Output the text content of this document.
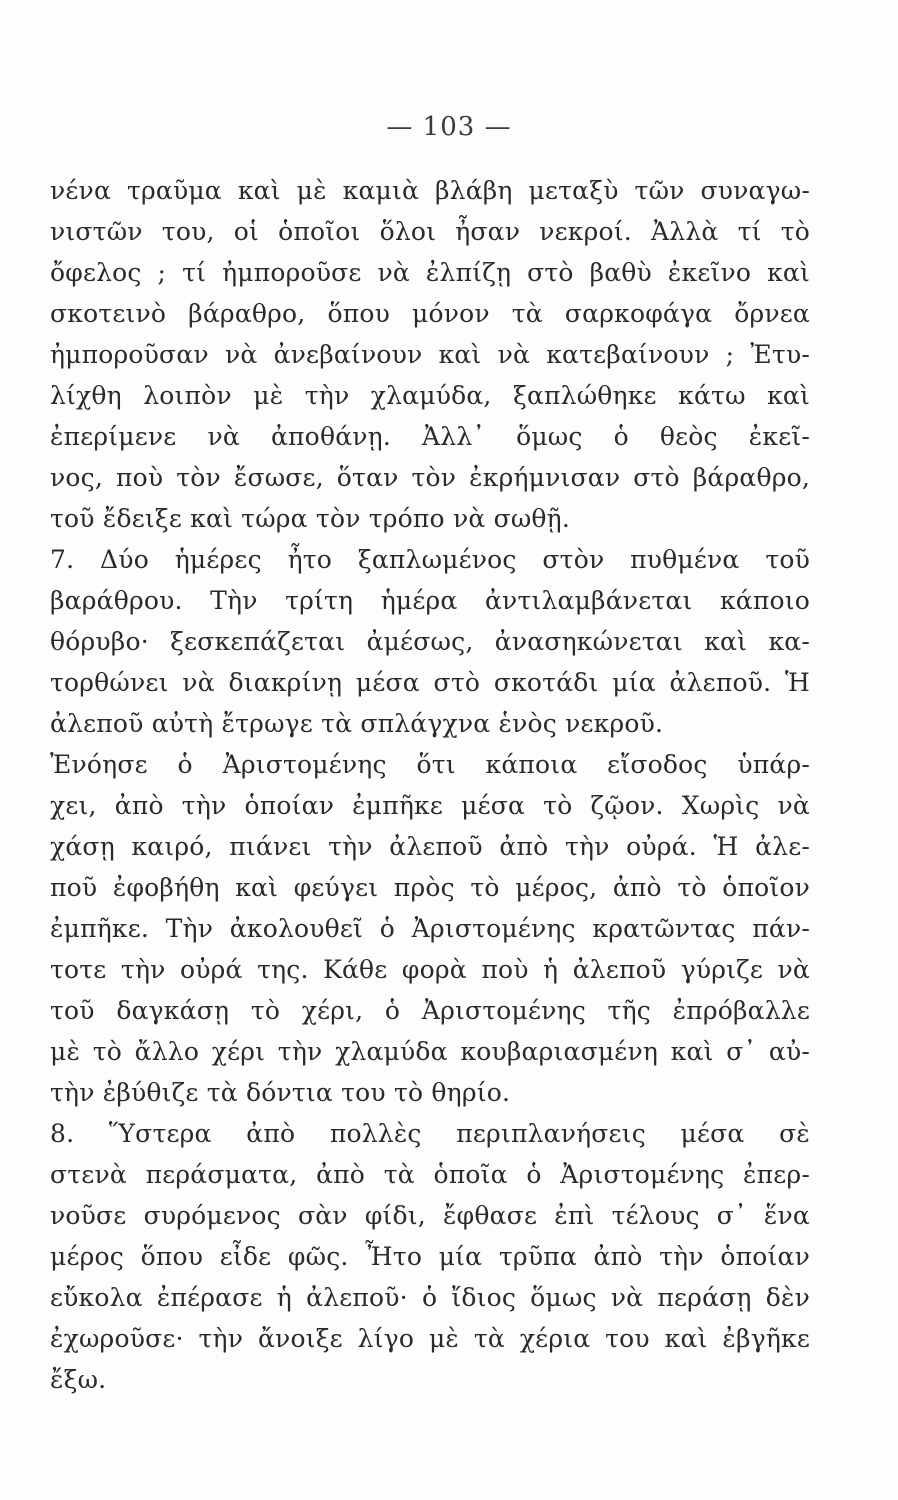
— 103 —
νένα τραῦμα καὶ μὲ καμιὰ βλάβη μεταξὺ τῶν συναγω-
νιστῶν του, οἱ ὁποῖοι ὅλοι ἦσαν νεκροί. Ἀλλὰ τί τὸ
ὄφελος ; τί ἠμποροῦσε νὰ ἐλπίζῃ στὸ βαθὺ ἐκεῖνο καὶ
σκοτεινὸ βάραθρο, ὅπου μόνον τὰ σαρκοφάγα ὄρνεα
ἠμποροῦσαν νὰ ἀνεβαίνουν καὶ νὰ κατεβαίνουν ; Ἐτυ-
λίχθη λοιπὸν μὲ τὴν χλαμύδα, ξαπλώθηκε κάτω καὶ
ἐπερίμενε νὰ ἀποθάνῃ. Ἀλλ᾽ ὅμως ὁ θεὸς ἐκεῖ-
νος, ποὺ τὸν ἔσωσε, ὅταν τὸν ἐκρήμνισαν στὸ βάραθρο,
τοῦ ἔδειξε καὶ τώρα τὸν τρόπο νὰ σωθῇ.
7. Δύο ἡμέρες ἦτο ξαπλωμένος στὸν πυθμένα τοῦ
βαράθρου. Τὴν τρίτη ἡμέρα ἀντιλαμβάνεται κάποιο
θόρυβο· ξεσκεπάζεται ἀμέσως, ἀνασηκώνεται καὶ κα-
τορθώνει νὰ διακρίνῃ μέσα στὸ σκοτάδι μία ἀλεποῦ. Ἡ
ἀλεποῦ αὐτὴ ἔτρωγε τὰ σπλάγχνα ἑνὸς νεκροῦ.
Ἐνόησε ὁ Ἀριστομένης ὅτι κάποια εἴσοδος ὑπάρ-
χει, ἀπὸ τὴν ὁποίαν ἐμπῆκε μέσα τὸ ζῷον. Χωρὶς νὰ
χάσῃ καιρό, πιάνει τὴν ἀλεποῦ ἀπὸ τὴν οὐρά. Ἡ ἀλε-
ποῦ ἐφοβήθη καὶ φεύγει πρὸς τὸ μέρος, ἀπὸ τὸ ὁποῖον
ἐμπῆκε. Τὴν ἀκολουθεῖ ὁ Ἀριστομένης κρατῶντας πάν-
τοτε τὴν οὐρά της. Κάθε φορὰ ποὺ ἡ ἀλεποῦ γύριζε νὰ
τοῦ δαγκάσῃ τὸ χέρι, ὁ Ἀριστομένης τῆς ἐπρόβαλλε
μὲ τὸ ἄλλο χέρι τὴν χλαμύδα κουβαριασμένη καὶ σ᾽ αὐ-
τὴν ἐβύθιζε τὰ δόντια του τὸ θηρίο.
8. Ὕστερα ἀπὸ πολλὲς περιπλανήσεις μέσα σὲ
στενὰ περάσματα, ἀπὸ τὰ ὁποῖα ὁ Ἀριστομένης ἐπερ-
νοῦσε συρόμενος σὰν φίδι, ἔφθασε ἐπὶ τέλους σ᾽ ἕνα
μέρος ὅπου εἶδε φῶς. Ἦτο μία τρῦπα ἀπὸ τὴν ὁποίαν
εὔκολα ἐπέρασε ἡ ἀλεποῦ· ὁ ἴδιος ὅμως νὰ περάσῃ δὲν
ἐχωροῦσε· τὴν ἄνοιξε λίγο μὲ τὰ χέρια του καὶ ἐβγῆκε
ἔξω.
